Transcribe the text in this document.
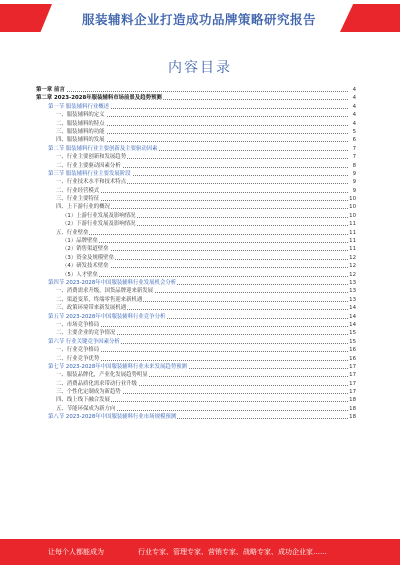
服装辅料企业打造成功品牌策略研究报告
内容目录
第一章 前言	4
第二章 2023-2028年服装辅料市场前景及趋势预测	4
第一节 服装辅料行业概述	4
一、服装辅料的定义	4
二、服装辅料的特点	4
三、服装辅料的功能	5
四、服装辅料的发展	6
第二节 服装辅料行业主要创新及主要驱动因素	7
一、行业主要创新和发展趋势	7
二、行业主要驱动因素分析	8
第三节 服装辅料行业主要发展阶段	9
一、行业技术水平和技术特点	9
二、行业经营模式	9
三、行业主要特征	10
四、上下游行业的概况	10
（1）上游行业发展及影响情况	10
（2）下游行业发展及影响情况	11
五、行业壁垒	11
（1）品牌壁垒	11
（2）销售渠道壁垒	11
（3）资金及规模壁垒	12
（4）研发技术壁垒	12
（5）人才壁垒	12
第四节 2023-2028年中国服装辅料行业发展机会分析	13
一、消费需求升级，国货品牌迎来新发展	13
二、渠道变革，终端零售迎来新机遇	13
三、政策环境带来新发展机遇	14
第五节 2023-2028年中国服装辅料行业竞争分析	14
一、市场竞争格局	14
二、主要企业的竞争情况	15
第六节 行业关键竞争因素分析	15
一、行业竞争格局	16
二、行业竞争优势	16
第七节 2023-2028年中国服装辅料行业未来发展趋势预测	17
一、服装品牌化，产业化发展趋势明显	17
二、消费品质化需求带动行业升级	17
三、个性化定制成为新趋势	17
四、线上线下融合发展	18
五、节能环保成为新方向	18
第八节 2023-2028年中国服装辅料行业市场规模预测	18
让每个人都能成为	行业专家、管理专家、营销专家、战略专家、成功企业家……
